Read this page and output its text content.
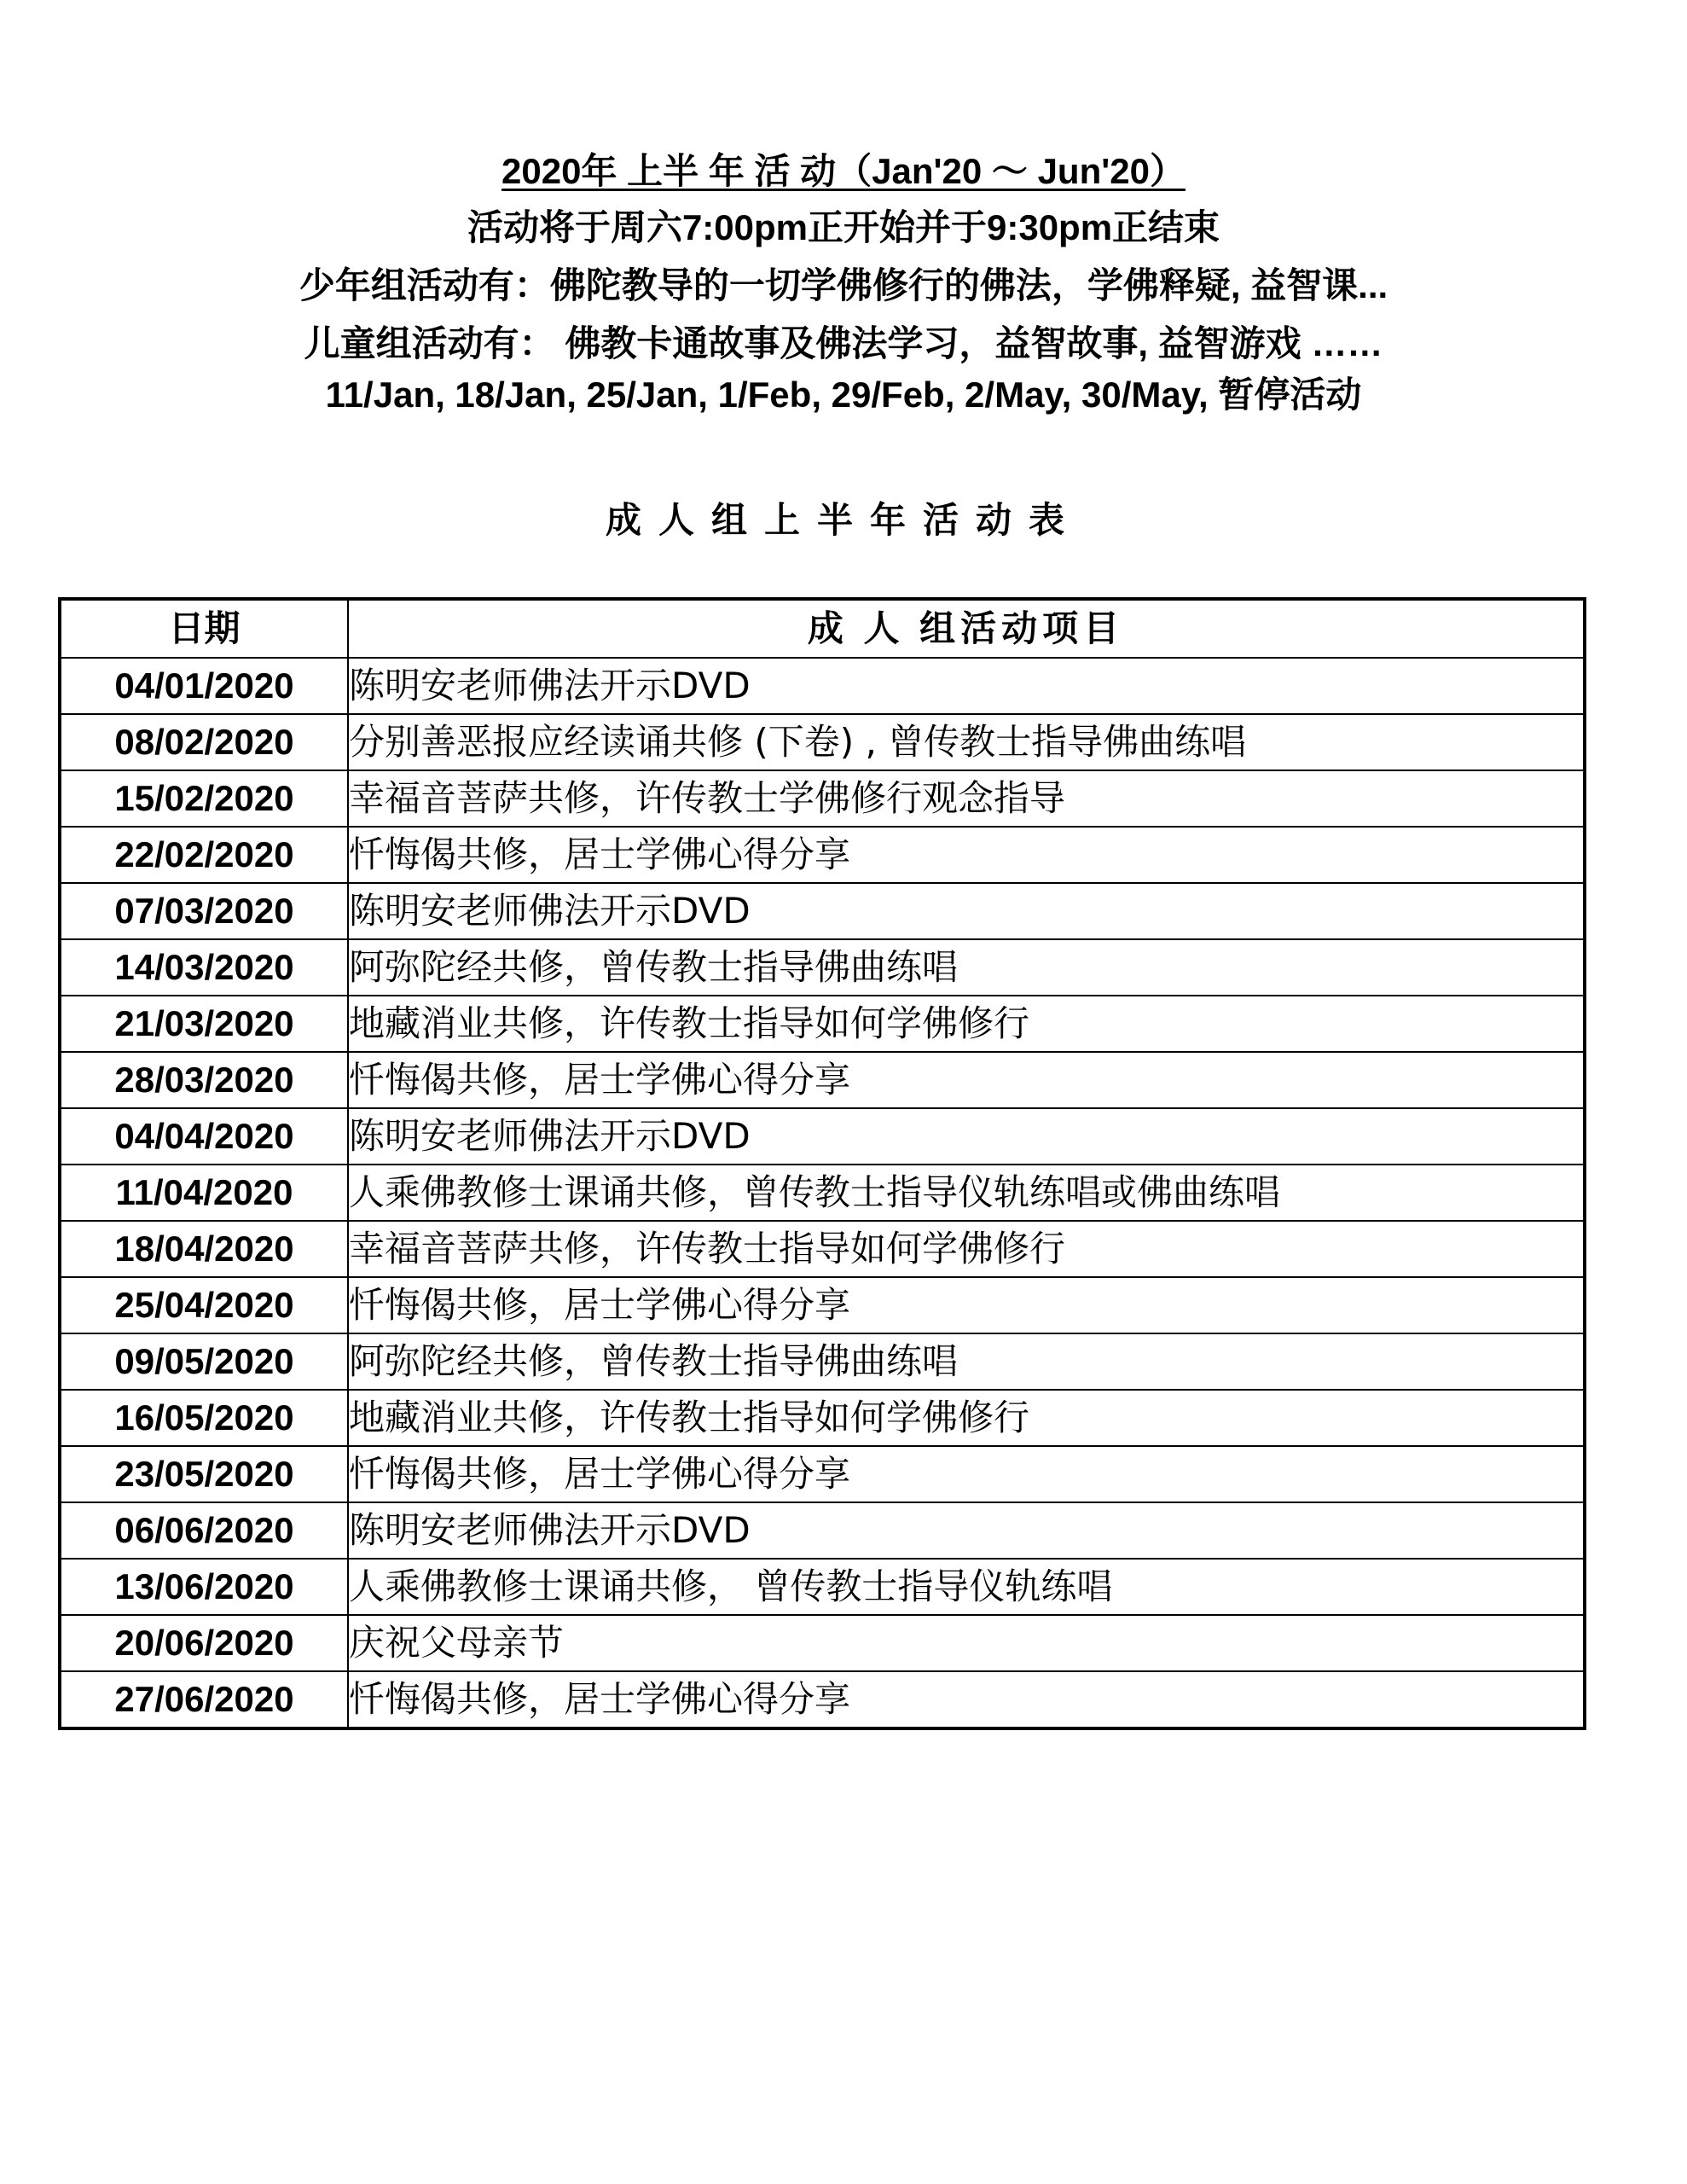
2020年 上半 年 活 动（Jan'20 ～ Jun'20）
活动将于周六7:00pm正开始并于9:30pm正结束
少年组活动有：佛陀教导的一切学佛修行的佛法，学佛释疑, 益智课...
儿童组活动有： 佛教卡通故事及佛法学习，益智故事, 益智游戏 ……
11/Jan, 18/Jan, 25/Jan, 1/Feb, 29/Feb, 2/May, 30/May, 暂停活动
成人组上半年活动表
日期	成 人 组活动项目
04/01/2020	陈明安老师佛法开示DVD
08/02/2020	分别善恶报应经读诵共修 (下卷) , 曾传教士指导佛曲练唱
15/02/2020	幸福音菩萨共修，许传教士学佛修行观念指导
22/02/2020	忏悔偈共修，居士学佛心得分享
07/03/2020	陈明安老师佛法开示DVD
14/03/2020	阿弥陀经共修，曾传教士指导佛曲练唱
21/03/2020	地藏消业共修，许传教士指导如何学佛修行
28/03/2020	忏悔偈共修，居士学佛心得分享
04/04/2020	陈明安老师佛法开示DVD
11/04/2020	人乘佛教修士课诵共修，曾传教士指导仪轨练唱或佛曲练唱
18/04/2020	幸福音菩萨共修，许传教士指导如何学佛修行
25/04/2020	忏悔偈共修，居士学佛心得分享
09/05/2020	阿弥陀经共修，曾传教士指导佛曲练唱
16/05/2020	地藏消业共修，许传教士指导如何学佛修行
23/05/2020	忏悔偈共修，居士学佛心得分享
06/06/2020	陈明安老师佛法开示DVD
13/06/2020	人乘佛教修士课诵共修， 曾传教士指导仪轨练唱
20/06/2020	庆祝父母亲节
27/06/2020	忏悔偈共修，居士学佛心得分享
